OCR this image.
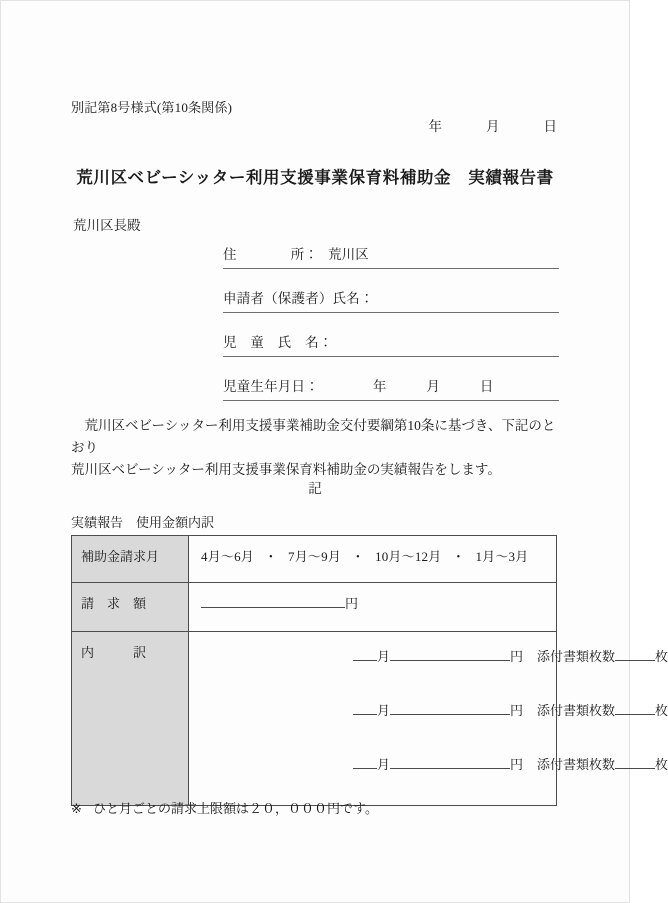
別記第8号様式(第10条関係)
年	月	日
荒川区ベビーシッター利用支援事業保育料補助金　実績報告書
荒川区長殿
住	所： 荒川区
申請者（保護者）氏名：
児　童　氏　名：
児童生年月日：	年	月	日

荒川区ベビーシッター利用支援事業補助金交付要綱第10条に基づき、下記のとおり

荒川区ベビーシッター利用支援事業保育料補助金の実績報告をします。

記
実績報告　使用金額内訳
補助金請求月	4月～6月 ・ 7月～9月 ・ 10月～12月 ・ 1月～3月
請　求　額	円
内　　　訳	月 円 添付書類枚数 枚
月 円 添付書類枚数 枚
月 円 添付書類枚数 枚
※ ひと月ごとの請求上限額は２０，０００円です。
